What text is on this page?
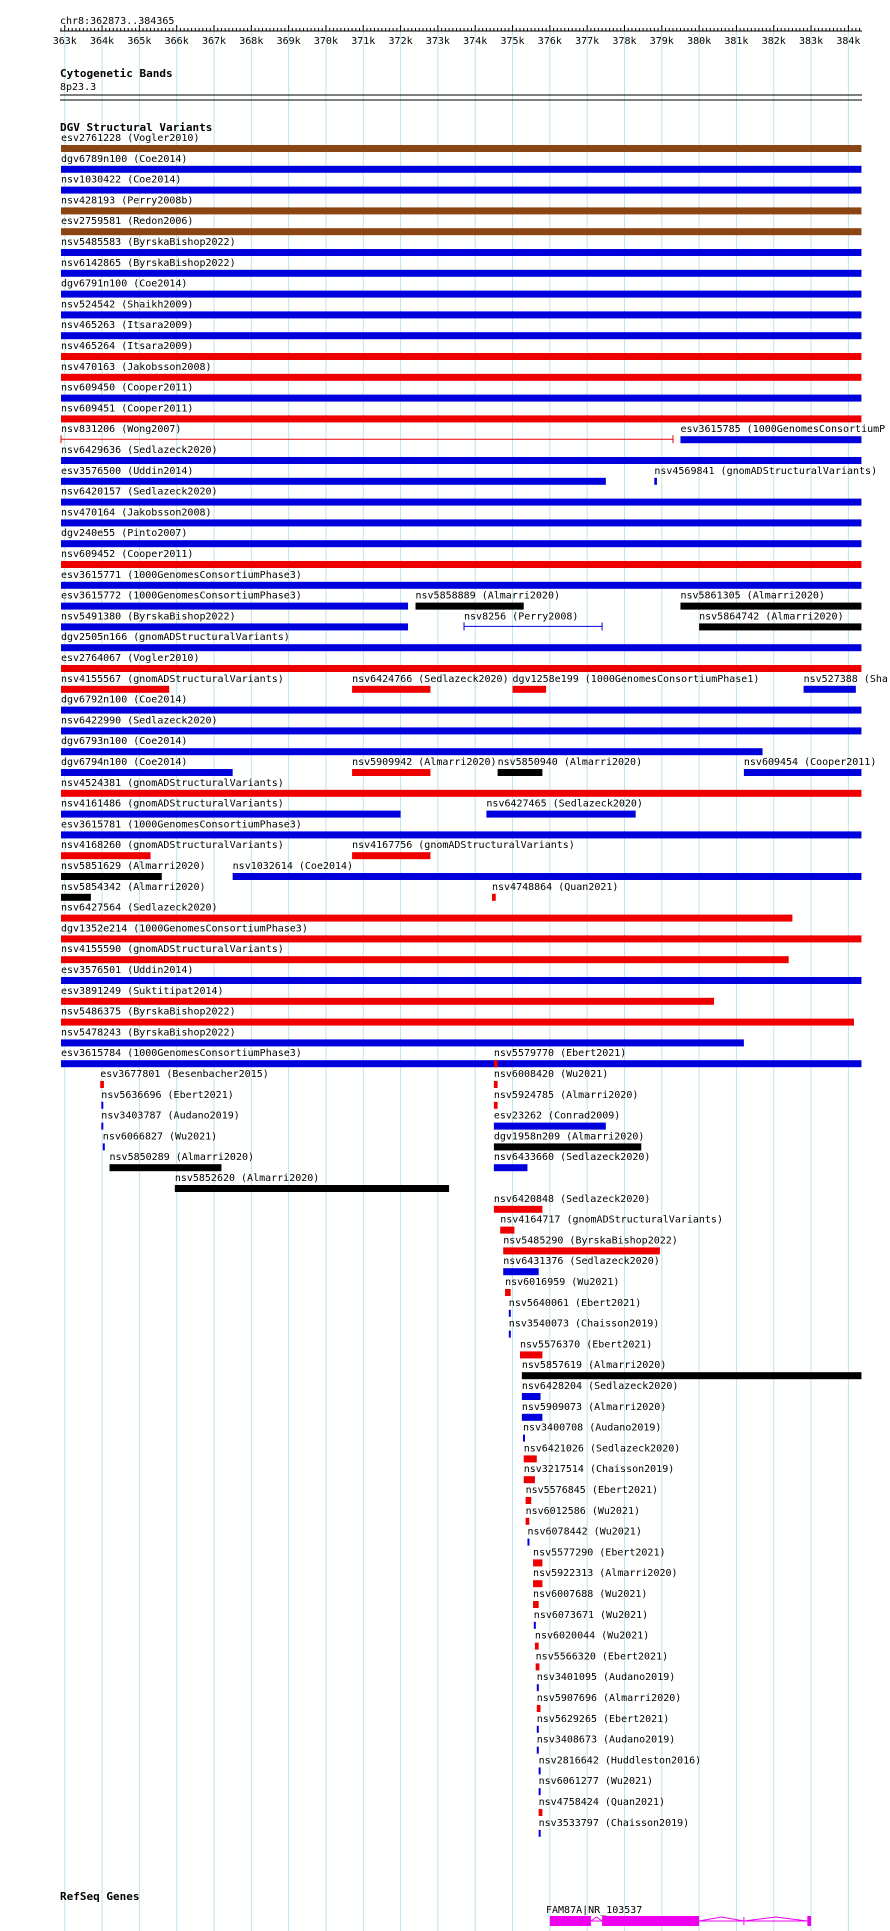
chr8:362873..384365
363k 364k 365k 366k 367k 368k 369k 370k 371k 372k 373k 374k 375k 376k 377k 378k 379k 380k 381k 382k 383k 384k
Cytogenetic Bands
8p23.3
DGV Structural Variants
esv2761228 (Vogler2010)
dgv6789n100 (Coe2014)
nsv1030422 (Coe2014)
nsv428193 (Perry2008b)
esv2759581 (Redon2006)
nsv5485583 (ByrskaBishop2022)
nsv6142865 (ByrskaBishop2022)
dgv6791n100 (Coe2014)
nsv524542 (Shaikh2009)
nsv465263 (Itsara2009)
nsv465264 (Itsara2009)
nsv470163 (Jakobsson2008)
nsv609450 (Cooper2011)
nsv609451 (Cooper2011)
nsv831206 (Wong2007)	esv3615785 (1000GenomesConsortiumP
nsv6429636 (Sedlazeck2020)
esv3576500 (Uddin2014)	nsv4569841 (gnomADStructuralVariants)
nsv6420157 (Sedlazeck2020)
nsv470164 (Jakobsson2008)
dgv240e55 (Pinto2007)
nsv609452 (Cooper2011)
esv3615771 (1000GenomesConsortiumPhase3)
esv3615772 (1000GenomesConsortiumPhase3)	nsv5858889 (Almarri2020)	nsv5861305 (Almarri2020)
nsv5491380 (ByrskaBishop2022)	nsv8256 (Perry2008)	nsv5864742 (Almarri2020)
dgv2505n166 (gnomADStructuralVariants)
esv2764067 (Vogler2010)
nsv4155567 (gnomADStructuralVariants)	nsv6424766 (Sedlazeck2020) dgv1258e199 (1000GenomesConsortiumPhase1)	nsv527388 (Sha
dgv6792n100 (Coe2014)
nsv6422990 (Sedlazeck2020)
dgv6793n100 (Coe2014)
dgv6794n100 (Coe2014)	nsv5909942 (Almarri2020) nsv5850940 (Almarri2020)	nsv609454 (Cooper2011)
nsv4524381 (gnomADStructuralVariants)
nsv4161486 (gnomADStructuralVariants)	nsv6427465 (Sedlazeck2020)
esv3615781 (1000GenomesConsortiumPhase3)
nsv4168260 (gnomADStructuralVariants)	nsv4167756 (gnomADStructuralVariants)
nsv5851629 (Almarri2020)	nsv1032614 (Coe2014)
nsv5854342 (Almarri2020)	nsv4748864 (Quan2021)
nsv6427564 (Sedlazeck2020)
dgv1352e214 (1000GenomesConsortiumPhase3)
nsv4155590 (gnomADStructuralVariants)
esv3576501 (Uddin2014)
esv3891249 (Suktitipat2014)
nsv5486375 (ByrskaBishop2022)
nsv5478243 (ByrskaBishop2022)
esv3615784 (1000GenomesConsortiumPhase3)
esv3677801 (Besenbacher2015)
nsv5579770 (Ebert2021)
nsv5636696 (Ebert2021)
nsv6008420 (Wu2021)
nsv3403787 (Audano2019)
nsv5924785 (Almarri2020)
nsv6066827 (Wu2021)
esv23262 (Conrad2009)
nsv5850289 (Almarri2020)
dgv1958n209 (Almarri2020)
nsv5852620 (Almarri2020)
nsv6433660 (Sedlazeck2020)
nsv6420848 (Sedlazeck2020)
nsv4164717 (gnomADStructuralVariants)
nsv5485290 (ByrskaBishop2022)
nsv6431376 (Sedlazeck2020)
nsv6016959 (Wu2021)
nsv5640061 (Ebert2021)
nsv3540073 (Chaisson2019)
nsv5576370 (Ebert2021)
nsv5857619 (Almarri2020)
nsv6428204 (Sedlazeck2020)
nsv5909073 (Almarri2020)
nsv3400708 (Audano2019)
nsv6421026 (Sedlazeck2020)
nsv3217514 (Chaisson2019)
nsv5576845 (Ebert2021)
nsv6012586 (Wu2021)
nsv6078442 (Wu2021)
nsv5577290 (Ebert2021)
nsv5922313 (Almarri2020)
nsv6007688 (Wu2021)
nsv6073671 (Wu2021)
nsv6020044 (Wu2021)
nsv5566320 (Ebert2021)
nsv3401095 (Audano2019)
nsv5907696 (Almarri2020)
nsv5629265 (Ebert2021)
nsv3408673 (Audano2019)
nsv2816642 (Huddleston2016)
nsv6061277 (Wu2021)
nsv4758424 (Quan2021)
nsv3533797 (Chaisson2019)
RefSeq Genes
FAM87A|NR_103537
